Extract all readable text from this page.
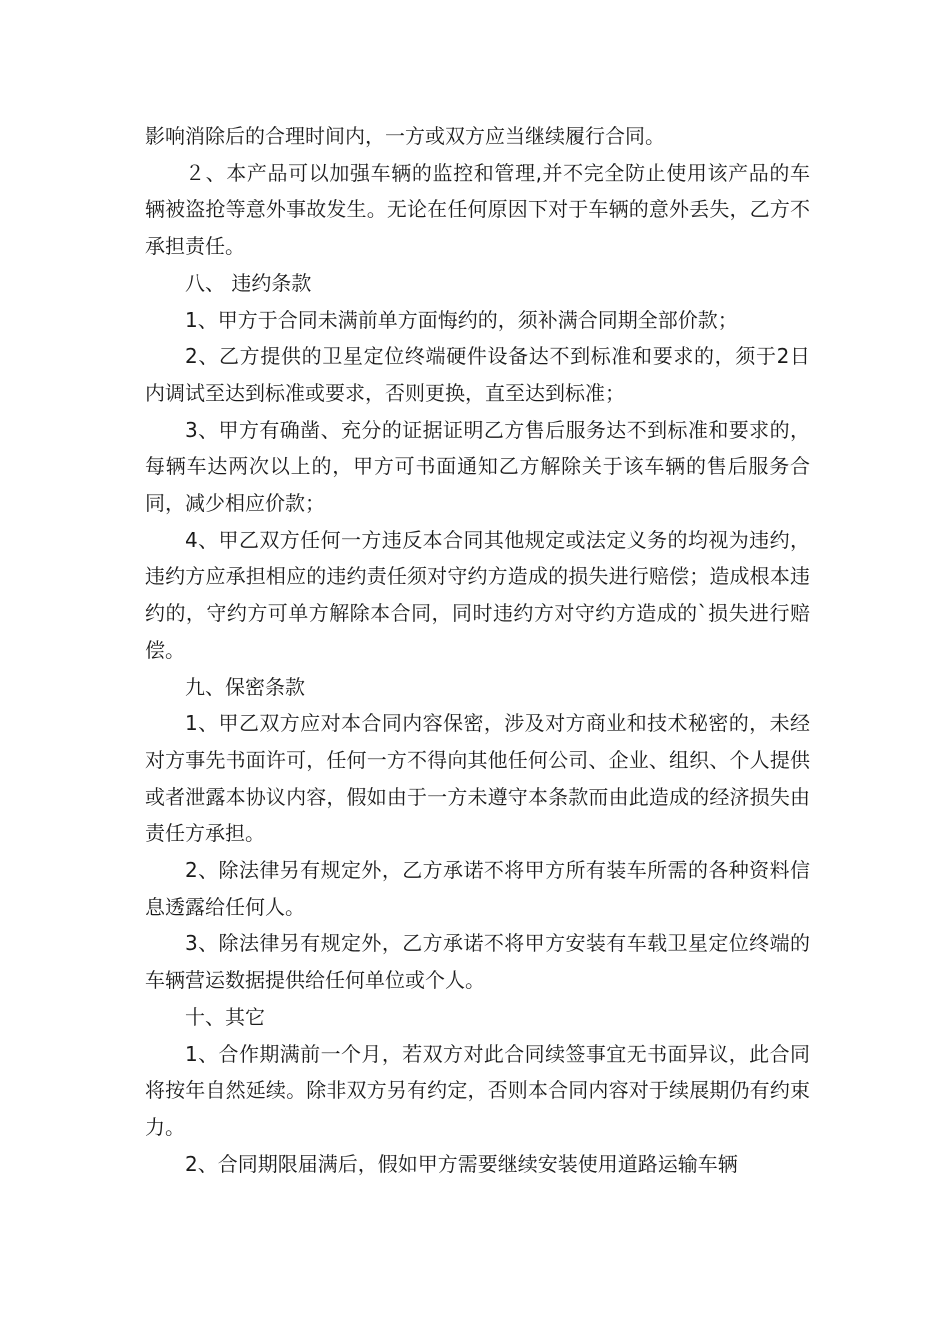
影响消除后的合理时间内，一方或双方应当继续履行合同。

２、本产品可以加强车辆的监控和管理,并不完全防止使用该产品的车辆被盗抢等意外事故发生。无论在任何原因下对于车辆的意外丢失，乙方不承担责任。

八、 违约条款

1、甲方于合同未满前单方面悔约的，须补满合同期全部价款；

2、乙方提供的卫星定位终端硬件设备达不到标准和要求的，须于2日内调试至达到标准或要求，否则更换，直至达到标准；

3、甲方有确凿、充分的证据证明乙方售后服务达不到标准和要求的，每辆车达两次以上的，甲方可书面通知乙方解除关于该车辆的售后服务合同，减少相应价款；

4、甲乙双方任何一方违反本合同其他规定或法定义务的均视为违约，违约方应承担相应的违约责任须对守约方造成的损失进行赔偿；造成根本违约的，守约方可单方解除本合同，同时违约方对守约方造成的`损失进行赔偿。

九、保密条款

1、甲乙双方应对本合同内容保密，涉及对方商业和技术秘密的，未经对方事先书面许可，任何一方不得向其他任何公司、企业、组织、个人提供或者泄露本协议内容，假如由于一方未遵守本条款而由此造成的经济损失由责任方承担。

2、除法律另有规定外，乙方承诺不将甲方所有装车所需的各种资料信息透露给任何人。

3、除法律另有规定外，乙方承诺不将甲方安装有车载卫星定位终端的车辆营运数据提供给任何单位或个人。

十、其它

1、合作期满前一个月，若双方对此合同续签事宜无书面异议，此合同将按年自然延续。除非双方另有约定，否则本合同内容对于续展期仍有约束力。

2、合同期限届满后，假如甲方需要继续安装使用道路运输车辆
